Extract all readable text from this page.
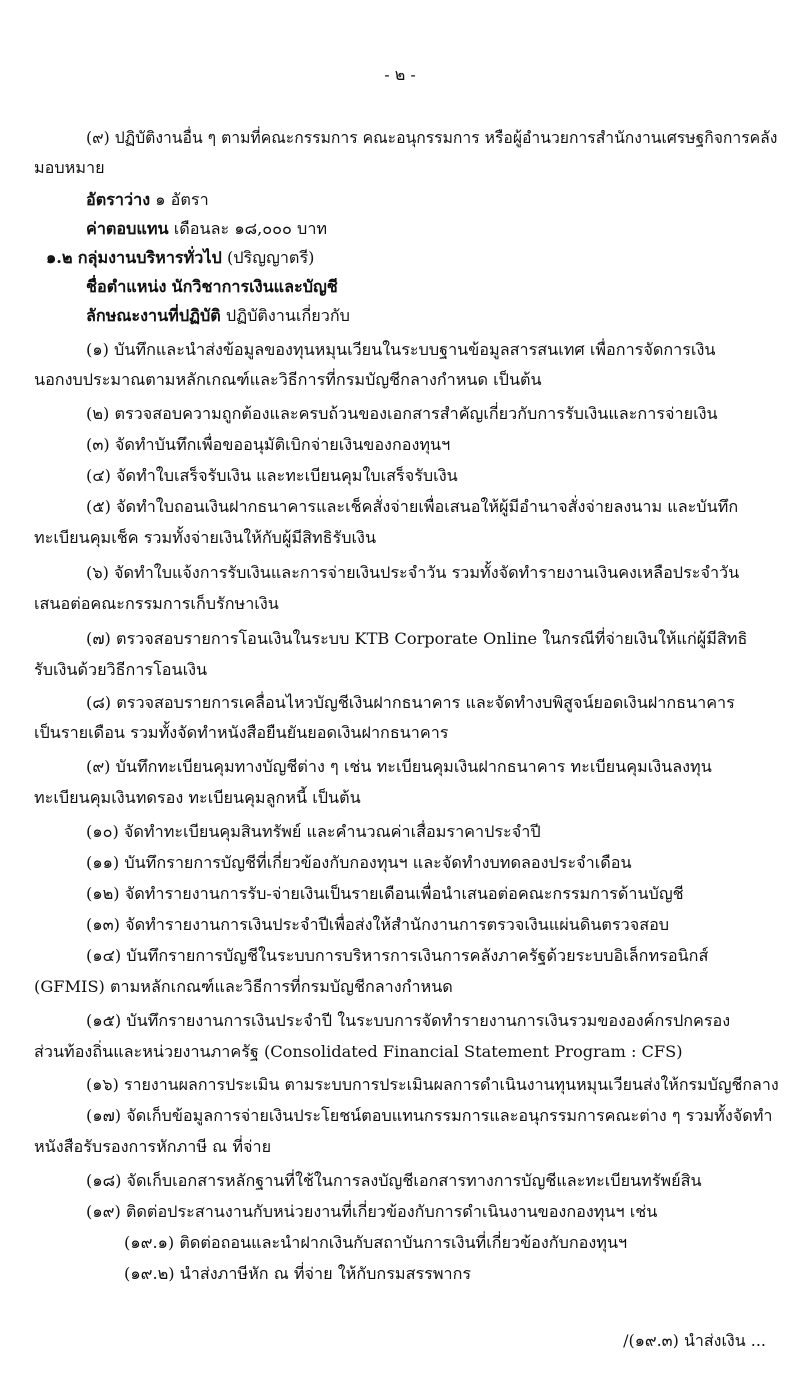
- ๒ -
(๙) ปฏิบัติงานอื่น ๆ ตามที่คณะกรรมการ คณะอนุกรรมการ หรือผู้อำนวยการสำนักงานเศรษฐกิจการคลัง
มอบหมาย
อัตราว่าง ๑ อัตรา
ค่าตอบแทน เดือนละ ๑๘,๐๐๐ บาท
๑.๒ กลุ่มงานบริหารทั่วไป (ปริญญาตรี)
ชื่อตำแหน่ง นักวิชาการเงินและบัญชี
ลักษณะงานที่ปฏิบัติ ปฏิบัติงานเกี่ยวกับ
(๑) บันทึกและนำส่งข้อมูลของทุนหมุนเวียนในระบบฐานข้อมูลสารสนเทศ เพื่อการจัดการเงิน
นอกงบประมาณตามหลักเกณฑ์และวิธีการที่กรมบัญชีกลางกำหนด เป็นต้น
(๒) ตรวจสอบความถูกต้องและครบถ้วนของเอกสารสำคัญเกี่ยวกับการรับเงินและการจ่ายเงิน
(๓) จัดทำบันทึกเพื่อขออนุมัติเบิกจ่ายเงินของกองทุนฯ
(๔) จัดทำใบเสร็จรับเงิน และทะเบียนคุมใบเสร็จรับเงิน
(๕) จัดทำใบถอนเงินฝากธนาคารและเช็คสั่งจ่ายเพื่อเสนอให้ผู้มีอำนาจสั่งจ่ายลงนาม และบันทึก
ทะเบียนคุมเช็ค รวมทั้งจ่ายเงินให้กับผู้มีสิทธิรับเงิน
(๖) จัดทำใบแจ้งการรับเงินและการจ่ายเงินประจำวัน รวมทั้งจัดทำรายงานเงินคงเหลือประจำวัน
เสนอต่อคณะกรรมการเก็บรักษาเงิน
(๗) ตรวจสอบรายการโอนเงินในระบบ KTB Corporate Online ในกรณีที่จ่ายเงินให้แก่ผู้มีสิทธิ
รับเงินด้วยวิธีการโอนเงิน
(๘) ตรวจสอบรายการเคลื่อนไหวบัญชีเงินฝากธนาคาร และจัดทำงบพิสูจน์ยอดเงินฝากธนาคาร
เป็นรายเดือน รวมทั้งจัดทำหนังสือยืนยันยอดเงินฝากธนาคาร
(๙) บันทึกทะเบียนคุมทางบัญชีต่าง ๆ เช่น ทะเบียนคุมเงินฝากธนาคาร ทะเบียนคุมเงินลงทุน
ทะเบียนคุมเงินทดรอง ทะเบียนคุมลูกหนี้ เป็นต้น
(๑๐) จัดทำทะเบียนคุมสินทรัพย์ และคำนวณค่าเสื่อมราคาประจำปี
(๑๑) บันทึกรายการบัญชีที่เกี่ยวข้องกับกองทุนฯ และจัดทำงบทดลองประจำเดือน
(๑๒) จัดทำรายงานการรับ-จ่ายเงินเป็นรายเดือนเพื่อนำเสนอต่อคณะกรรมการด้านบัญชี
(๑๓) จัดทำรายงานการเงินประจำปีเพื่อส่งให้สำนักงานการตรวจเงินแผ่นดินตรวจสอบ
(๑๔) บันทึกรายการบัญชีในระบบการบริหารการเงินการคลังภาครัฐด้วยระบบอิเล็กทรอนิกส์
(GFMIS) ตามหลักเกณฑ์และวิธีการที่กรมบัญชีกลางกำหนด
(๑๕) บันทึกรายงานการเงินประจำปี ในระบบการจัดทำรายงานการเงินรวมขององค์กรปกครอง
ส่วนท้องถิ่นและหน่วยงานภาครัฐ (Consolidated Financial Statement Program : CFS)
(๑๖) รายงานผลการประเมิน ตามระบบการประเมินผลการดำเนินงานทุนหมุนเวียนส่งให้กรมบัญชีกลาง
(๑๗) จัดเก็บข้อมูลการจ่ายเงินประโยชน์ตอบแทนกรรมการและอนุกรรมการคณะต่าง ๆ รวมทั้งจัดทำ
หนังสือรับรองการหักภาษี ณ ที่จ่าย
(๑๘) จัดเก็บเอกสารหลักฐานที่ใช้ในการลงบัญชีเอกสารทางการบัญชีและทะเบียนทรัพย์สิน
(๑๙) ติดต่อประสานงานกับหน่วยงานที่เกี่ยวข้องกับการดำเนินงานของกองทุนฯ เช่น
(๑๙.๑) ติดต่อถอนและนำฝากเงินกับสถาบันการเงินที่เกี่ยวข้องกับกองทุนฯ
(๑๙.๒) นำส่งภาษีหัก ณ ที่จ่าย ให้กับกรมสรรพากร
/(๑๙.๓) นำส่งเงิน ...
